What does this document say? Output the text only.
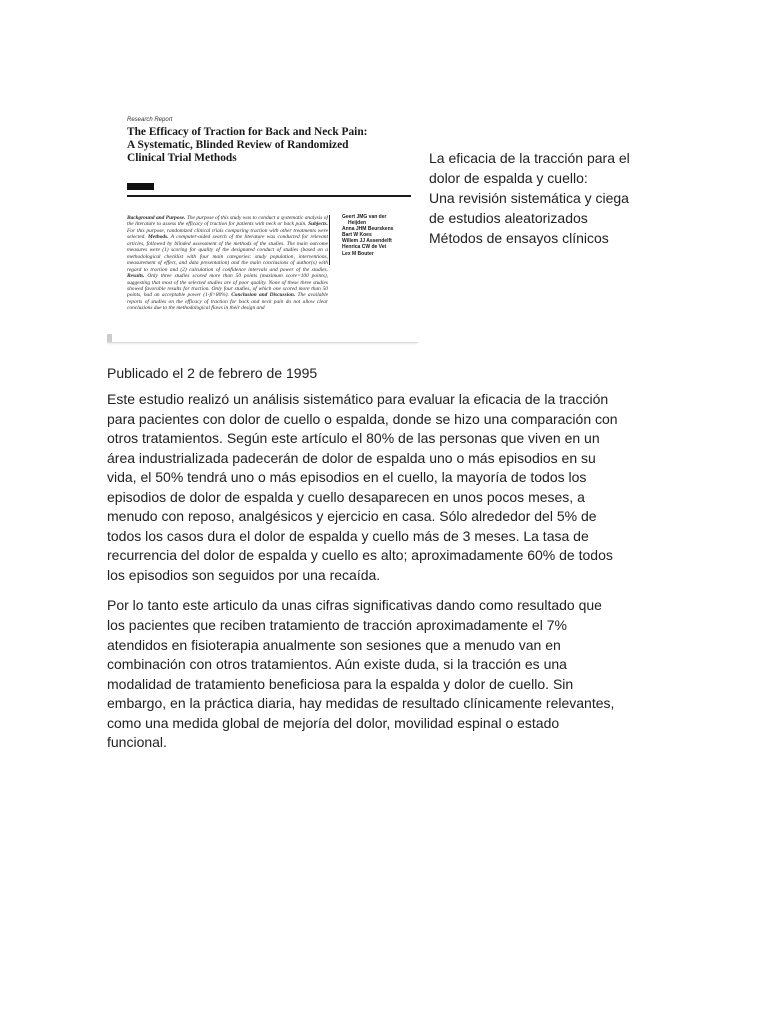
Research Report
The Efficacy of Traction for Back and Neck Pain:
A Systematic, Blinded Review of Randomized
Clinical Trial Methods
Background and Purpose. The purpose of this study was to conduct a systematic analysis of the literature to assess the efficacy of traction for patients with neck or back pain. Subjects. For this purpose, randomized clinical trials comparing traction with other treatments were selected. Methods. A computer-aided search of the literature was conducted for relevant articles, followed by blinded assessment of the methods of the studies. The main outcome measures were (1) scoring for quality of the designated conduct of studies (based on a methodological checklist with four main categories: study population, interventions, measurement of effect, and data presentation) and the main conclusions of author(s) with regard to traction and (2) calculation of confidence intervals and power of the studies. Results. Only three studies scored more than 50 points (maximum score=100 points), suggesting that most of the selected studies are of poor quality. None of these three studies showed favorable results for traction. Only four studies, of which one scored more than 50 points, had an acceptable power (1-β>80%). Conclusion and Discussion. The available reports of studies on the efficacy of traction for back and neck pain do not allow clear conclusions due to the methodological flaws in their design and
Geert JMG van der
Heijden
Anna JHM Beurskens
Bart W Koes
Willem JJ Assendelft
Henrica CW de Vet
Lex M Bouter
La eficacia de la tracción para el
dolor de espalda y cuello:
Una revisión sistemática y ciega
de estudios aleatorizados
Métodos de ensayos clínicos
Publicado el 2 de febrero de 1995
Este estudio realizó un análisis sistemático para evaluar la eficacia de la tracción
para pacientes con dolor de cuello o espalda, donde se hizo una comparación con
otros tratamientos. Según este artículo el 80% de las personas que viven en un
área industrializada padecerán de dolor de espalda uno o más episodios en su
vida, el 50% tendrá uno o más episodios en el cuello, la mayoría de todos los
episodios de dolor de espalda y cuello desaparecen en unos pocos meses, a
menudo con reposo, analgésicos y ejercicio en casa. Sólo alrededor del 5% de
todos los casos dura el dolor de espalda y cuello más de 3 meses. La tasa de
recurrencia del dolor de espalda y cuello es alto; aproximadamente 60% de todos
los episodios son seguidos por una recaída.
Por lo tanto este articulo da unas cifras significativas dando como resultado que
los pacientes que reciben tratamiento de tracción aproximadamente el 7%
atendidos en fisioterapia anualmente son sesiones que a menudo van en
combinación con otros tratamientos. Aún existe duda, si la tracción es una
modalidad de tratamiento beneficiosa para la espalda y dolor de cuello. Sin
embargo, en la práctica diaria, hay medidas de resultado clínicamente relevantes,
como una medida global de mejoría del dolor, movilidad espinal o estado
funcional.
